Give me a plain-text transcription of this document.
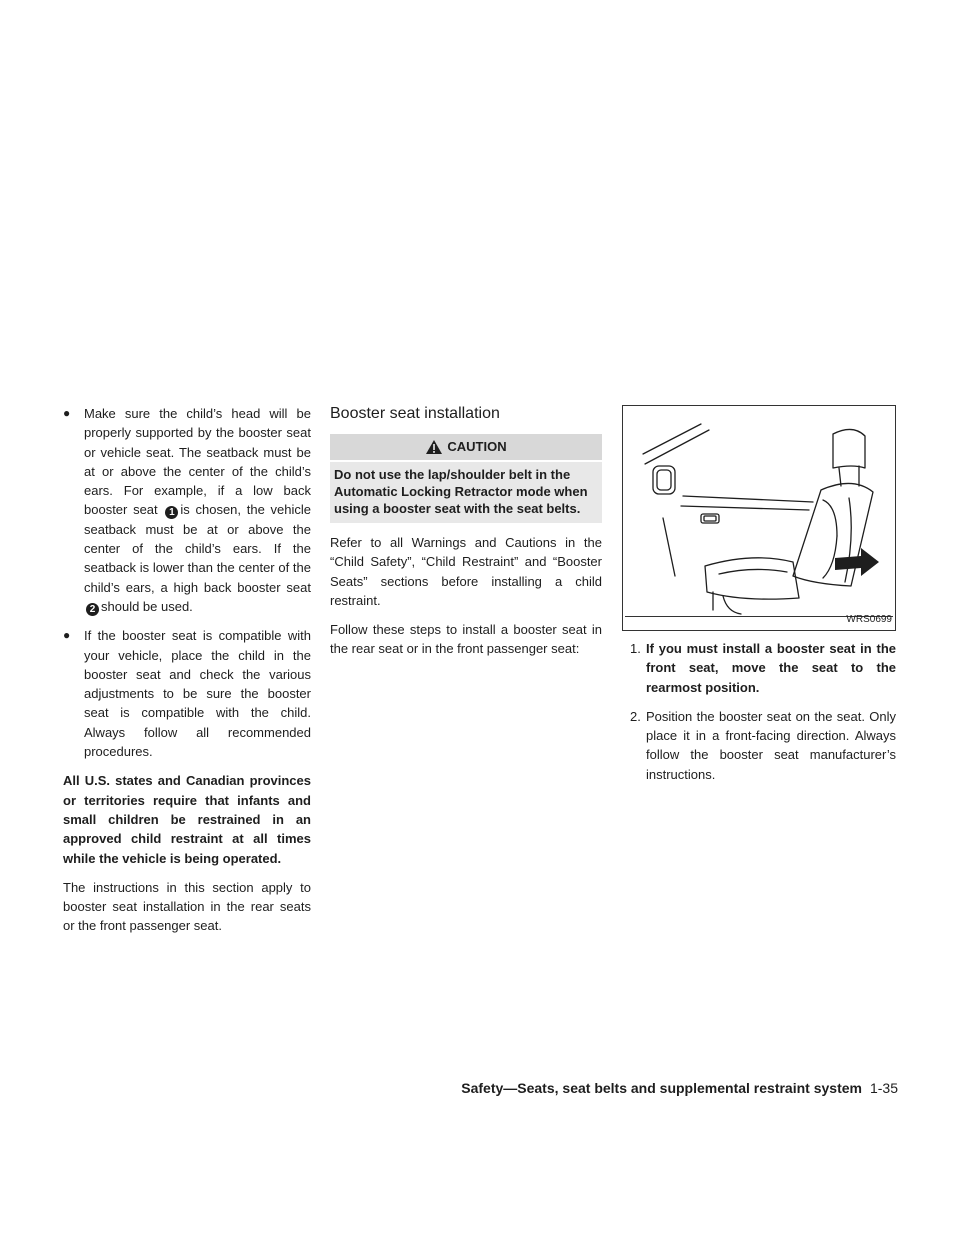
● Make sure the child’s head will be properly supported by the booster seat or vehicle seat. The seatback must be at or above the center of the child’s ears. For example, if a low back booster seat 1 is chosen, the vehicle seatback must be at or above the center of the child’s ears. If the seatback is lower than the center of the child’s ears, a high back booster seat 2 should be used.
● If the booster seat is compatible with your vehicle, place the child in the booster seat and check the various adjustments to be sure the booster seat is compatible with the child. Always follow all recommended procedures.

All U.S. states and Canadian provinces or territories require that infants and small children be restrained in an approved child restraint at all times while the vehicle is being operated.

The instructions in this section apply to booster seat installation in the rear seats or the front passenger seat.

Booster seat installation
CAUTION
Do not use the lap/shoulder belt in the Automatic Locking Retractor mode when using a booster seat with the seat belts.

Refer to all Warnings and Cautions in the “Child Safety”, “Child Restraint” and “Booster Seats” sections before installing a child restraint.

Follow these steps to install a booster seat in the rear seat or in the front passenger seat:

WRS0699
1. If you must install a booster seat in the front seat, move the seat to the rearmost position.
2. Position the booster seat on the seat. Only place it in a front-facing direction. Always follow the booster seat manufacturer’s instructions.
Safety—Seats, seat belts and supplemental restraint system 1-35
